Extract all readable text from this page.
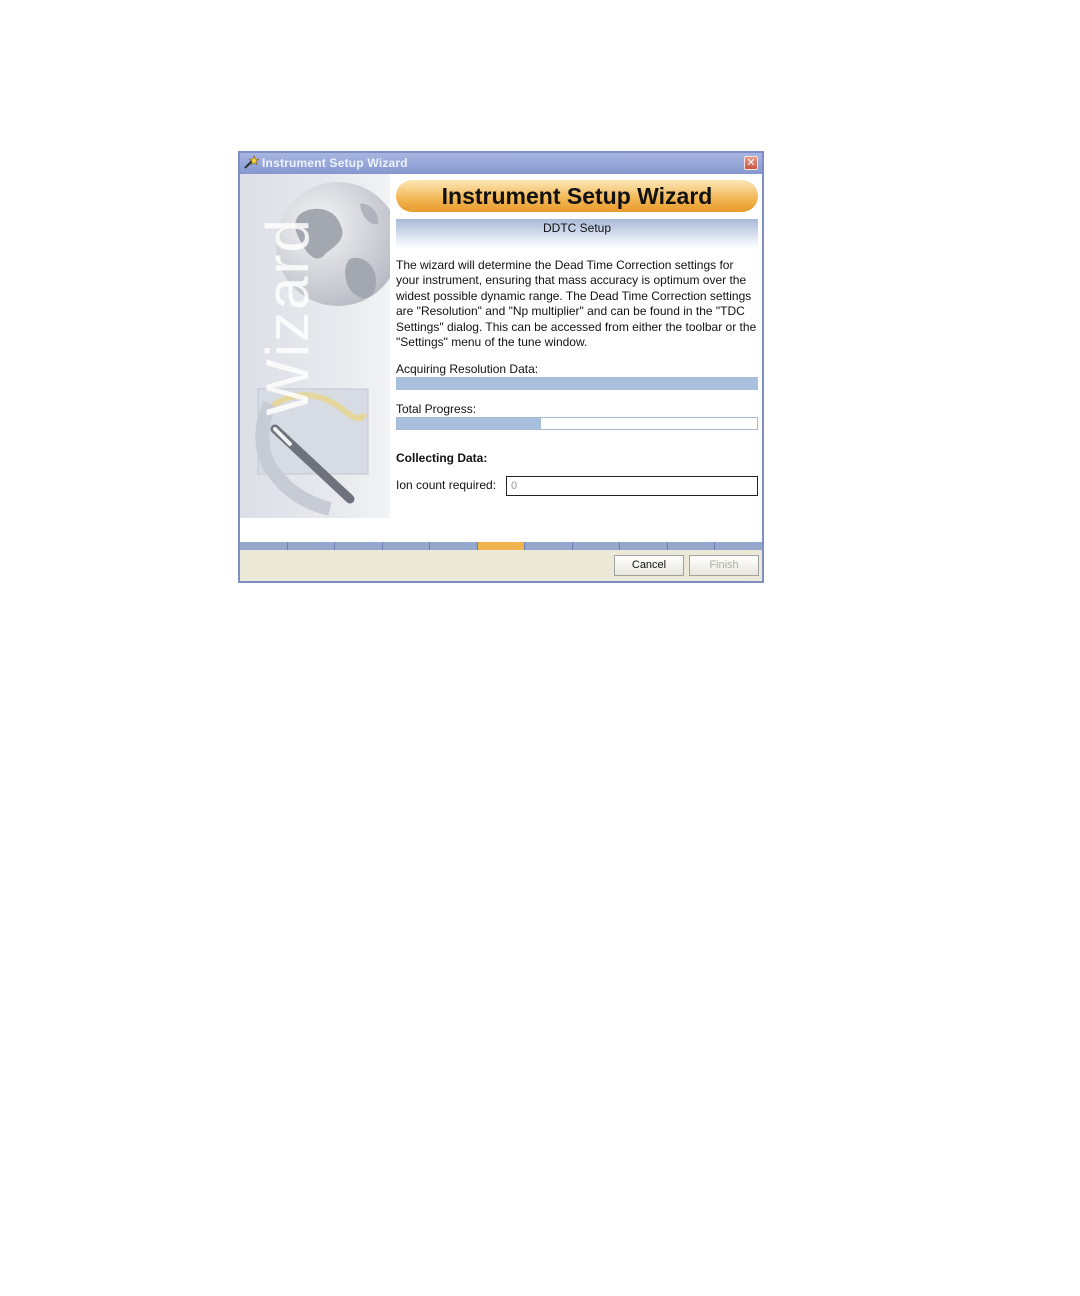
Instrument Setup Wizard	✕
Wizard
Instrument Setup Wizard
DDTC Setup

The wizard will determine the Dead Time Correction settings for your instrument, ensuring that mass accuracy is optimum over the widest possible dynamic range. The Dead Time Correction settings are "Resolution" and "Np multiplier" and can be found in the "TDC Settings" dialog. This can be accessed from either the toolbar or the "Settings" menu of the tune window.

Acquiring Resolution Data:
Total Progress:
Collecting Data:
Ion count required:
0
Cancel	Finish
